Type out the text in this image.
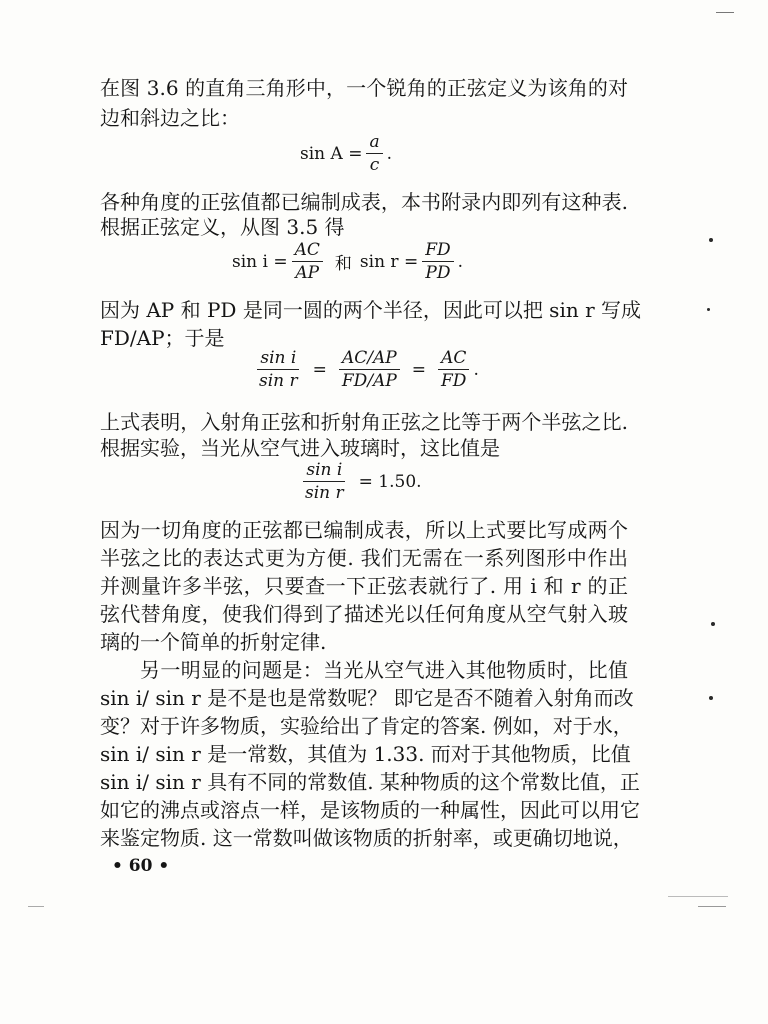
在图 3.6 的直角三角形中，一个锐角的正弦定义为该角的对
边和斜边之比：
$\sin A = \frac{a}{c}$ .
各种角度的正弦值都已编制成表，本书附录内即列有这种表.
根据正弦定义，从图 3.5 得
$\sin i = \frac{AC}{AP}$ 和 $\sin r = \frac{FD}{PD}$ .
因为 AP 和 PD 是同一圆的两个半径，因此可以把 sin r 写成
FD/AP；于是
$\frac{\text{sin i}}{\text{sin r}} = \frac{AC/AP}{FD/AP} = \frac{AC}{FD}$ .
上式表明，入射角正弦和折射角正弦之比等于两个半弦之比.
根据实验，当光从空气进入玻璃时，这比值是
$\frac{\text{sin i}}{\text{sin r}} = 1.50$.
因为一切角度的正弦都已编制成表，所以上式要比写成两个
半弦之比的表达式更为方便. 我们无需在一系列图形中作出
并测量许多半弦，只要查一下正弦表就行了. 用 i 和 r 的正
弦代替角度，使我们得到了描述光以任何角度从空气射入玻
璃的一个简单的折射定律.
另一明显的问题是：当光从空气进入其他物质时，比值
sin i/ sin r 是不是也是常数呢？ 即它是否不随着入射角而改
变？对于许多物质，实验给出了肯定的答案. 例如，对于水，
sin i/ sin r 是一常数，其值为 1.33. 而对于其他物质，比值
sin i/ sin r 具有不同的常数值. 某种物质的这个常数比值，正
如它的沸点或溶点一样，是该物质的一种属性，因此可以用它
来鉴定物质. 这一常数叫做该物质的折射率，或更确切地说，
• 60 •
